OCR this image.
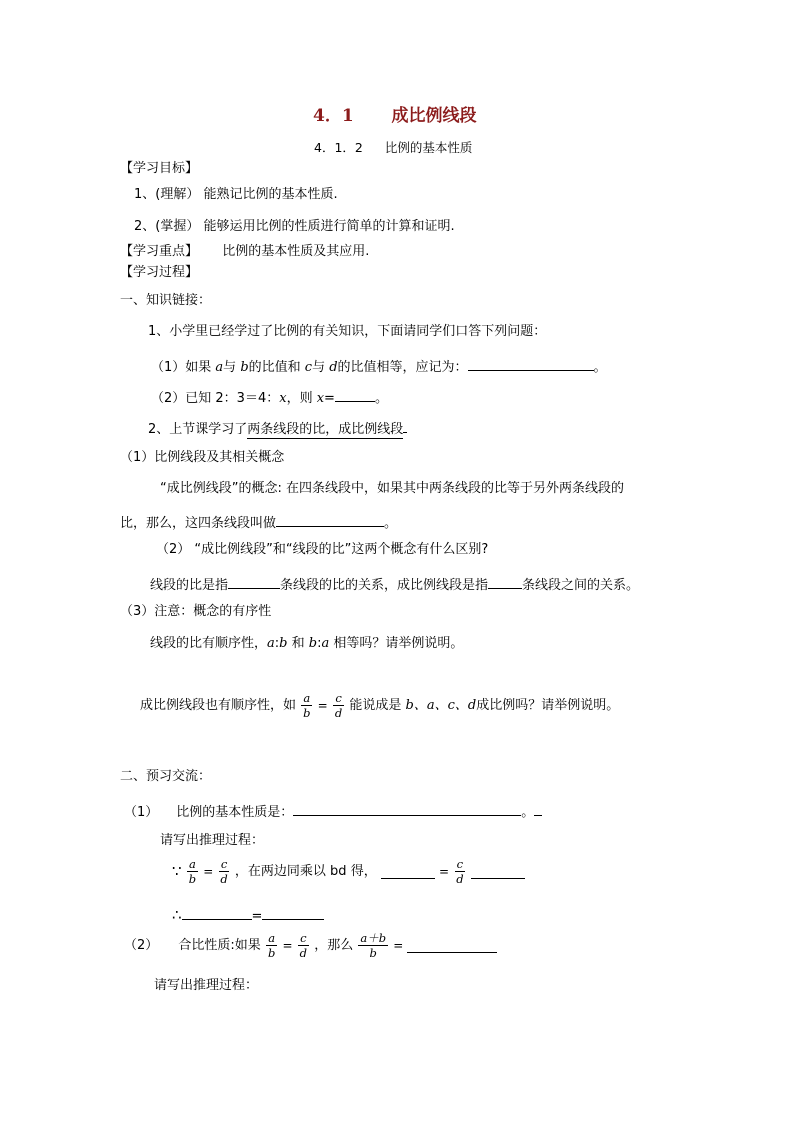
4．1 成比例线段
4．1．2 比例的基本性质
【学习目标】
1、(理解） 能熟记比例的基本性质.
2、(掌握） 能够运用比例的性质进行简单的计算和证明.
【学习重点】 比例的基本性质及其应用.
【学习过程】
一、知识链接：
1、小学里已经学过了比例的有关知识，下面请同学们口答下列问题：
（1）如果 a与 b的比值和 c与 d的比值相等，应记为：	。
（2）已知 2：3＝4：x，则 x=	。
2、上节课学习了两条线段的比，成比例线段
（1）比例线段及其相关概念
“成比例线段”的概念: 在四条线段中，如果其中两条线段的比等于另外两条线段的
比，那么，这四条线段叫做	。
（2） “成比例线段”和“线段的比”这两个概念有什么区别?
线段的比是指	条线段的比的关系，成比例线段是指	条线段之间的关系。
（3）注意：概念的有序性
线段的比有顺序性，a:b 和 b:a 相等吗？请举例说明。
成比例线段也有顺序性，如 $\frac{a}{b} = \frac{c}{d}$ 能说成是 b、a、c、d成比例吗？请举例说明。
二、预习交流：
（1） 比例的基本性质是：	。
请写出推理过程：
∵ $\frac{a}{b} = \frac{c}{d}$ ，在两边同乘以 bd 得，	= $\frac{c}{d}$

∴	=
（2） 合比性质:如果 $\frac{a}{b} = \frac{c}{d}$ ，那么 $\frac{a+b}{b}$ =
请写出推理过程：
